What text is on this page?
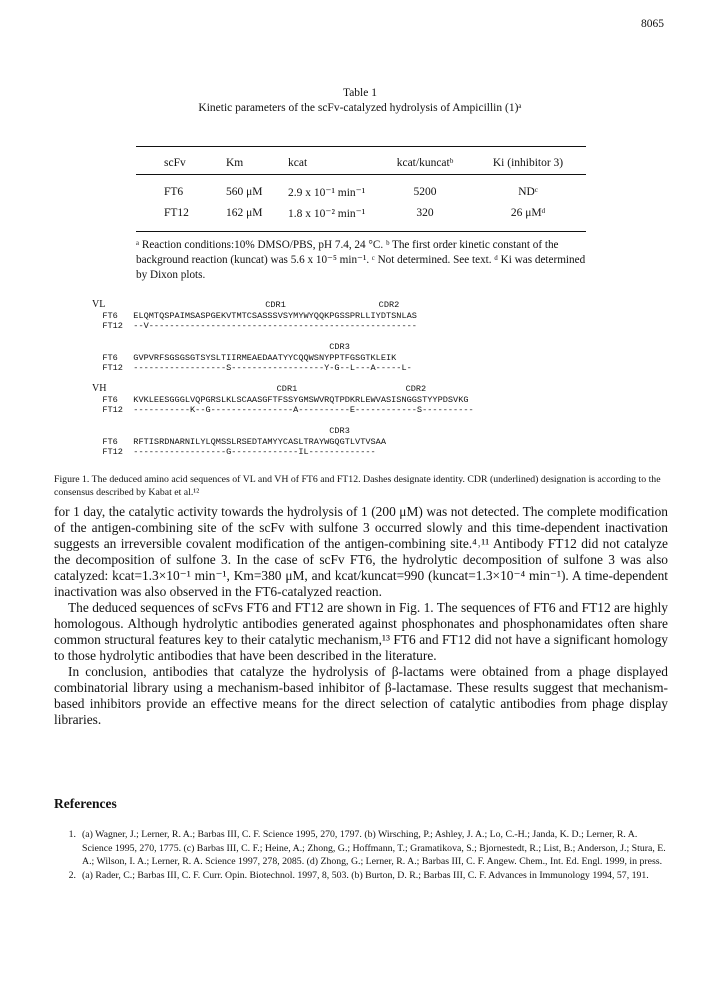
8065
Table 1
Kinetic parameters of the scFv-catalyzed hydrolysis of Ampicillin (1)ᵃ
scFv	Km	kcat	kcat/kuncatᵇ	Ki (inhibitor 3)
FT6	560 μM	2.9 x 10⁻¹ min⁻¹	5200	NDᶜ
FT12	162 μM	1.8 x 10⁻² min⁻¹	320	26 μMᵈ
ᵃ Reaction conditions:10% DMSO/PBS, pH 7.4, 24 °C. ᵇ The first order kinetic constant of the background reaction (kuncat) was 5.6 x 10⁻⁵ min⁻¹. ᶜ Not determined. See text. ᵈ Ki was determined by Dixon plots.
VL	CDR1                  CDR2
FT6 ELQMTQSPAIMSASPGEKVTMTCSASSSVSYMYWYQQKPGSSPRLLIYDTSNLAS
FT12 --V----------------------------------------------------

CDR3
FT6 GVPVRFSGSGSGTSYSLTIIRMEAEDAATYYCQQWSNYPPTFGSGTKLEIK
FT12 ------------------S------------------Y-G--L---A-----L-

VH	CDR1                     CDR2
FT6 KVKLEESGGGLVQPGRSLKLSCAASGFTFSSYGMSWVRQTPDKRLEWVASISNGGSTYYPDSVKG
FT12 -----------K--G----------------A----------E------------S----------

CDR3
FT6 RFTISRDNARNILYLQMSSLRSEDTAMYYCASLTRAYWGQGTLVTVSAA
FT12 ------------------G-------------IL-------------
Figure 1. The deduced amino acid sequences of VL and VH of FT6 and FT12. Dashes designate identity. CDR (underlined) designation is according to the consensus described by Kabat et al.¹²

for 1 day, the catalytic activity towards the hydrolysis of 1 (200 μM) was not detected. The complete modification of the antigen-combining site of the scFv with sulfone 3 occurred slowly and this time-dependent inactivation suggests an irreversible covalent modification of the antigen-combining site.⁴˒¹¹ Antibody FT12 did not catalyze the decomposition of sulfone 3. In the case of scFv FT6, the hydrolytic decomposition of sulfone 3 was also catalyzed: kcat=1.3×10⁻¹ min⁻¹, Km=380 μM, and kcat/kuncat=990 (kuncat=1.3×10⁻⁴ min⁻¹). A time-dependent inactivation was also observed in the FT6-catalyzed reaction.

The deduced sequences of scFvs FT6 and FT12 are shown in Fig. 1. The sequences of FT6 and FT12 are highly homologous. Although hydrolytic antibodies generated against phosphonates and phosphonamidates often share common structural features key to their catalytic mechanism,¹³ FT6 and FT12 did not have a significant homology to those hydrolytic antibodies that have been described in the literature.

In conclusion, antibodies that catalyze the hydrolysis of β-lactams were obtained from a phage displayed combinatorial library using a mechanism-based inhibitor of β-lactamase. These results suggest that mechanism-based inhibitors provide an effective means for the direct selection of catalytic antibodies from phage display libraries.

References
1. (a) Wagner, J.; Lerner, R. A.; Barbas III, C. F. Science 1995, 270, 1797. (b) Wirsching, P.; Ashley, J. A.; Lo, C.-H.; Janda, K. D.; Lerner, R. A. Science 1995, 270, 1775. (c) Barbas III, C. F.; Heine, A.; Zhong, G.; Hoffmann, T.; Gramatikova, S.; Bjornestedt, R.; List, B.; Anderson, J.; Stura, E. A.; Wilson, I. A.; Lerner, R. A. Science 1997, 278, 2085. (d) Zhong, G.; Lerner, R. A.; Barbas III, C. F. Angew. Chem., Int. Ed. Engl. 1999, in press.
2. (a) Rader, C.; Barbas III, C. F. Curr. Opin. Biotechnol. 1997, 8, 503. (b) Burton, D. R.; Barbas III, C. F. Advances in Immunology 1994, 57, 191.
